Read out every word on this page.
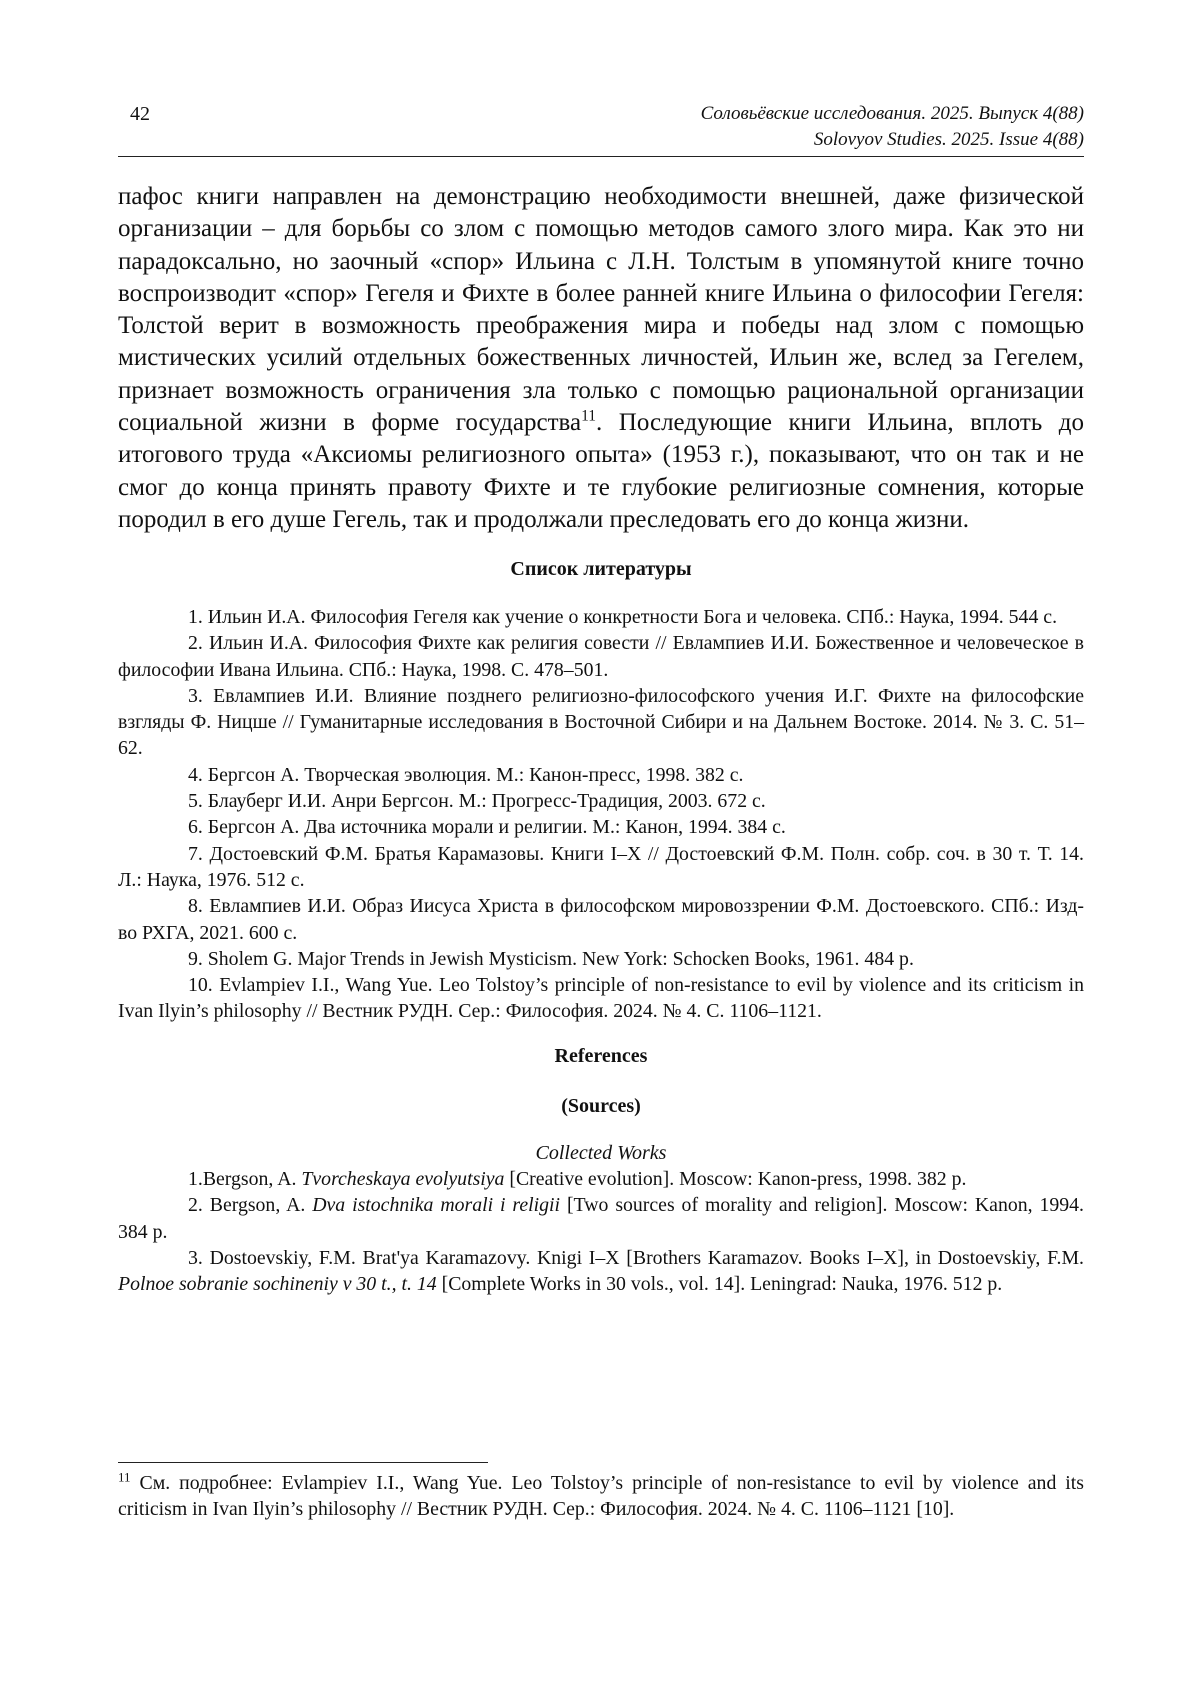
42	Соловьёвские исследования. 2025. Выпуск 4(88)
Solovyov Studies. 2025. Issue 4(88)

пафос книги направлен на демонстрацию необходимости внешней, даже физической организации – для борьбы со злом с помощью методов самого злого мира. Как это ни парадоксально, но заочный «спор» Ильина с Л.Н. Толстым в упомянутой книге точно воспроизводит «спор» Гегеля и Фихте в более ранней книге Ильина о философии Гегеля: Толстой верит в возможность преображения мира и победы над злом с помощью мистических усилий отдельных божественных личностей, Ильин же, вслед за Гегелем, признает возможность ограничения зла только с помощью рациональной организации социальной жизни в форме государства$^{11}$. Последующие книги Ильина, вплоть до итогового труда «Аксиомы религиозного опыта» (1953 г.), показывают, что он так и не смог до конца принять правоту Фихте и те глубокие религиозные сомнения, которые породил в его душе Гегель, так и продолжали преследовать его до конца жизни.

Список литературы

1. Ильин И.А. Философия Гегеля как учение о конкретности Бога и человека. СПб.: Наука, 1994. 544 с.

2. Ильин И.А. Философия Фихте как религия совести // Евлампиев И.И. Божественное и человеческое в философии Ивана Ильина. СПб.: Наука, 1998. С. 478–501.

3. Евлампиев И.И. Влияние позднего религиозно-философского учения И.Г. Фихте на философские взгляды Ф. Ницше // Гуманитарные исследования в Восточной Сибири и на Дальнем Востоке. 2014. № 3. С. 51–62.

4. Бергсон А. Творческая эволюция. М.: Канон-пресс, 1998. 382 с.

5. Блауберг И.И. Анри Бергсон. М.: Прогресс-Традиция, 2003. 672 с.

6. Бергсон А. Два источника морали и религии. М.: Канон, 1994. 384 с.

7. Достоевский Ф.М. Братья Карамазовы. Книги I–X // Достоевский Ф.М. Полн. собр. соч. в 30 т. Т. 14. Л.: Наука, 1976. 512 с.

8. Евлампиев И.И. Образ Иисуса Христа в философском мировоззрении Ф.М. Достоевского. СПб.: Изд-во РХГА, 2021. 600 с.

9. Sholem G. Major Trends in Jewish Mysticism. New York: Schocken Books, 1961. 484 p.

10. Evlampiev I.I., Wang Yue. Leo Tolstoy’s principle of non-resistance to evil by violence and its criticism in Ivan Ilyin’s philosophy // Вестник РУДН. Сер.: Философия. 2024. № 4. С. 1106–1121.

References
(Sources)
Collected Works

1.Bergson, A. Tvorcheskaya evolyutsiya [Creative evolution]. Moscow: Kanon-press, 1998. 382 p.

2. Bergson, A. Dva istochnika morali i religii [Two sources of morality and religion]. Moscow: Kanon, 1994. 384 p.

3. Dostoevskiy, F.M. Brat'ya Karamazovy. Knigi I–X [Brothers Karamazov. Books I–X], in Dostoevskiy, F.M. Polnoe sobranie sochineniy v 30 t., t. 14 [Complete Works in 30 vols., vol. 14]. Leningrad: Nauka, 1976. 512 p.

$^{11}$ См. подробнее: Evlampiev I.I., Wang Yue. Leo Tolstoy’s principle of non-resistance to evil by violence and its criticism in Ivan Ilyin’s philosophy // Вестник РУДН. Сер.: Философия. 2024. № 4. С. 1106–1121 [10].
